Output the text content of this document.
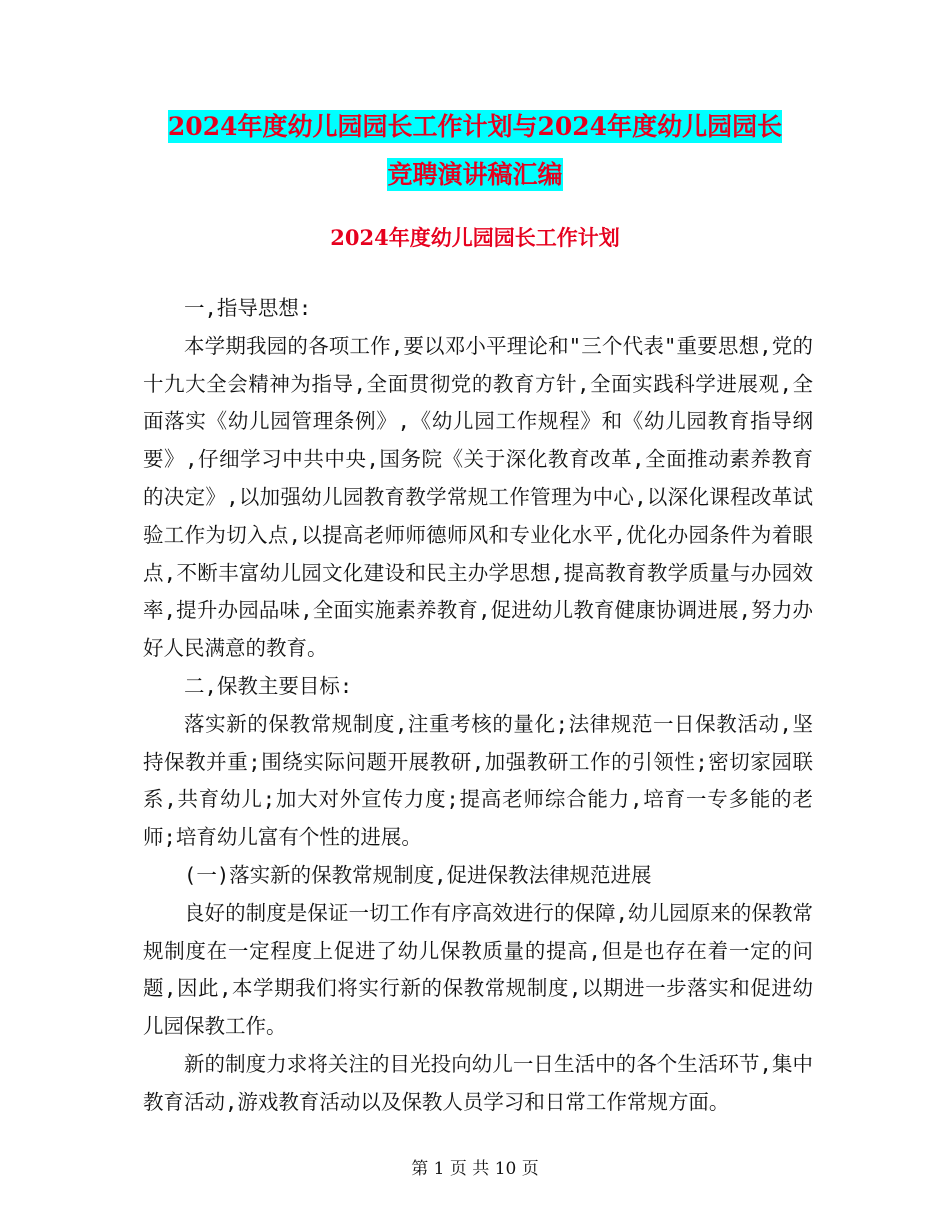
2024年度幼儿园园长工作计划与2024年度幼儿园园长
竞聘演讲稿汇编
2024年度幼儿园园长工作计划

一,指导思想:

本学期我园的各项工作,要以邓小平理论和"三个代表"重要思想,党的十九大全会精神为指导,全面贯彻党的教育方针,全面实践科学进展观,全面落实《幼儿园管理条例》,《幼儿园工作规程》和《幼儿园教育指导纲要》,仔细学习中共中央,国务院《关于深化教育改革,全面推动素养教育的决定》,以加强幼儿园教育教学常规工作管理为中心,以深化课程改革试验工作为切入点,以提高老师师德师风和专业化水平,优化办园条件为着眼点,不断丰富幼儿园文化建设和民主办学思想,提高教育教学质量与办园效率,提升办园品味,全面实施素养教育,促进幼儿教育健康协调进展,努力办好人民满意的教育。

二,保教主要目标:

落实新的保教常规制度,注重考核的量化;法律规范一日保教活动,坚持保教并重;围绕实际问题开展教研,加强教研工作的引领性;密切家园联系,共育幼儿;加大对外宣传力度;提高老师综合能力,培育一专多能的老师;培育幼儿富有个性的进展。

(一)落实新的保教常规制度,促进保教法律规范进展

良好的制度是保证一切工作有序高效进行的保障,幼儿园原来的保教常规制度在一定程度上促进了幼儿保教质量的提高,但是也存在着一定的问题,因此,本学期我们将实行新的保教常规制度,以期进一步落实和促进幼儿园保教工作。

新的制度力求将关注的目光投向幼儿一日生活中的各个生活环节,集中教育活动,游戏教育活动以及保教人员学习和日常工作常规方面。

第 1 页 共 10 页
